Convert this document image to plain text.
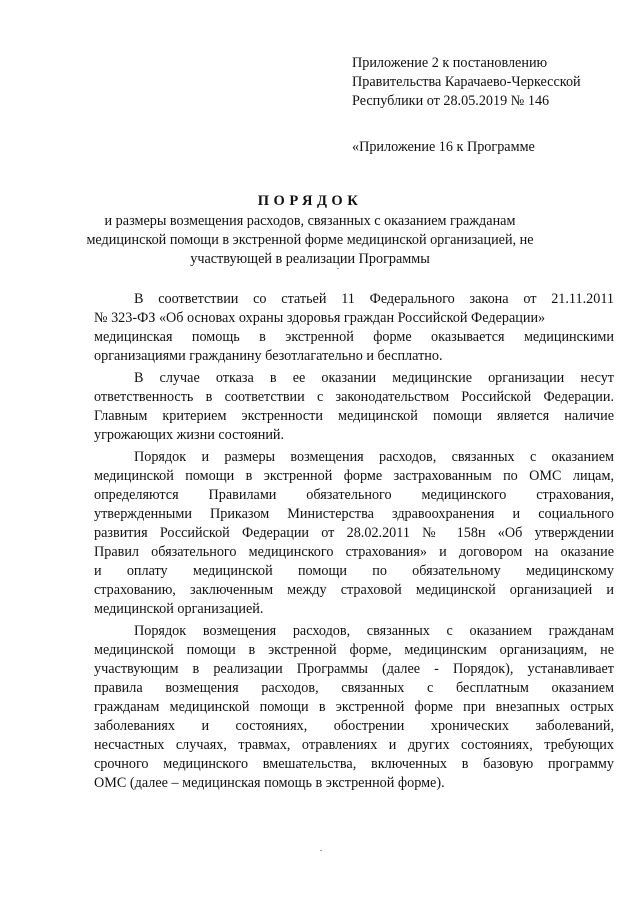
Приложение 2 к постановлению
Правительства Карачаево-Черкесской
Республики от 28.05.2019 № 146
«Приложение 16 к Программе
ПОРЯДОК
и размеры возмещения расходов, связанных с оказанием гражданам
медицинской помощи в экстренной форме медицинской организацией, не
участвующей в реализации Программы
В соответствии со статьей 11 Федерального закона от 21.11.2011
№ 323-ФЗ «Об основах охраны здоровья граждан Российской Федерации»
медицинская помощь в экстренной форме оказывается медицинскими
организациями гражданину безотлагательно и бесплатно.
В случае отказа в ее оказании медицинские организации несут
ответственность в соответствии с законодательством Российской Федерации.
Главным критерием экстренности медицинской помощи является наличие
угрожающих жизни состояний.
Порядок и размеры возмещения расходов, связанных с оказанием
медицинской помощи в экстренной форме застрахованным по ОМС лицам,
определяются Правилами обязательного медицинского страхования,
утвержденными Приказом Министерства здравоохранения и социального
развития Российской Федерации от 28.02.2011 № 158н «Об утверждении
Правил обязательного медицинского страхования» и договором на оказание
и оплату медицинской помощи по обязательному медицинскому
страхованию, заключенным между страховой медицинской организацией и
медицинской организацией.
Порядок возмещения расходов, связанных с оказанием гражданам
медицинской помощи в экстренной форме, медицинским организациям, не
участвующим в реализации Программы (далее - Порядок), устанавливает
правила возмещения расходов, связанных с бесплатным оказанием
гражданам медицинской помощи в экстренной форме при внезапных острых
заболеваниях и состояниях, обострении хронических заболеваний,
несчастных случаях, травмах, отравлениях и других состояниях, требующих
срочного медицинского вмешательства, включенных в базовую программу
ОМС (далее – медицинская помощь в экстренной форме).
